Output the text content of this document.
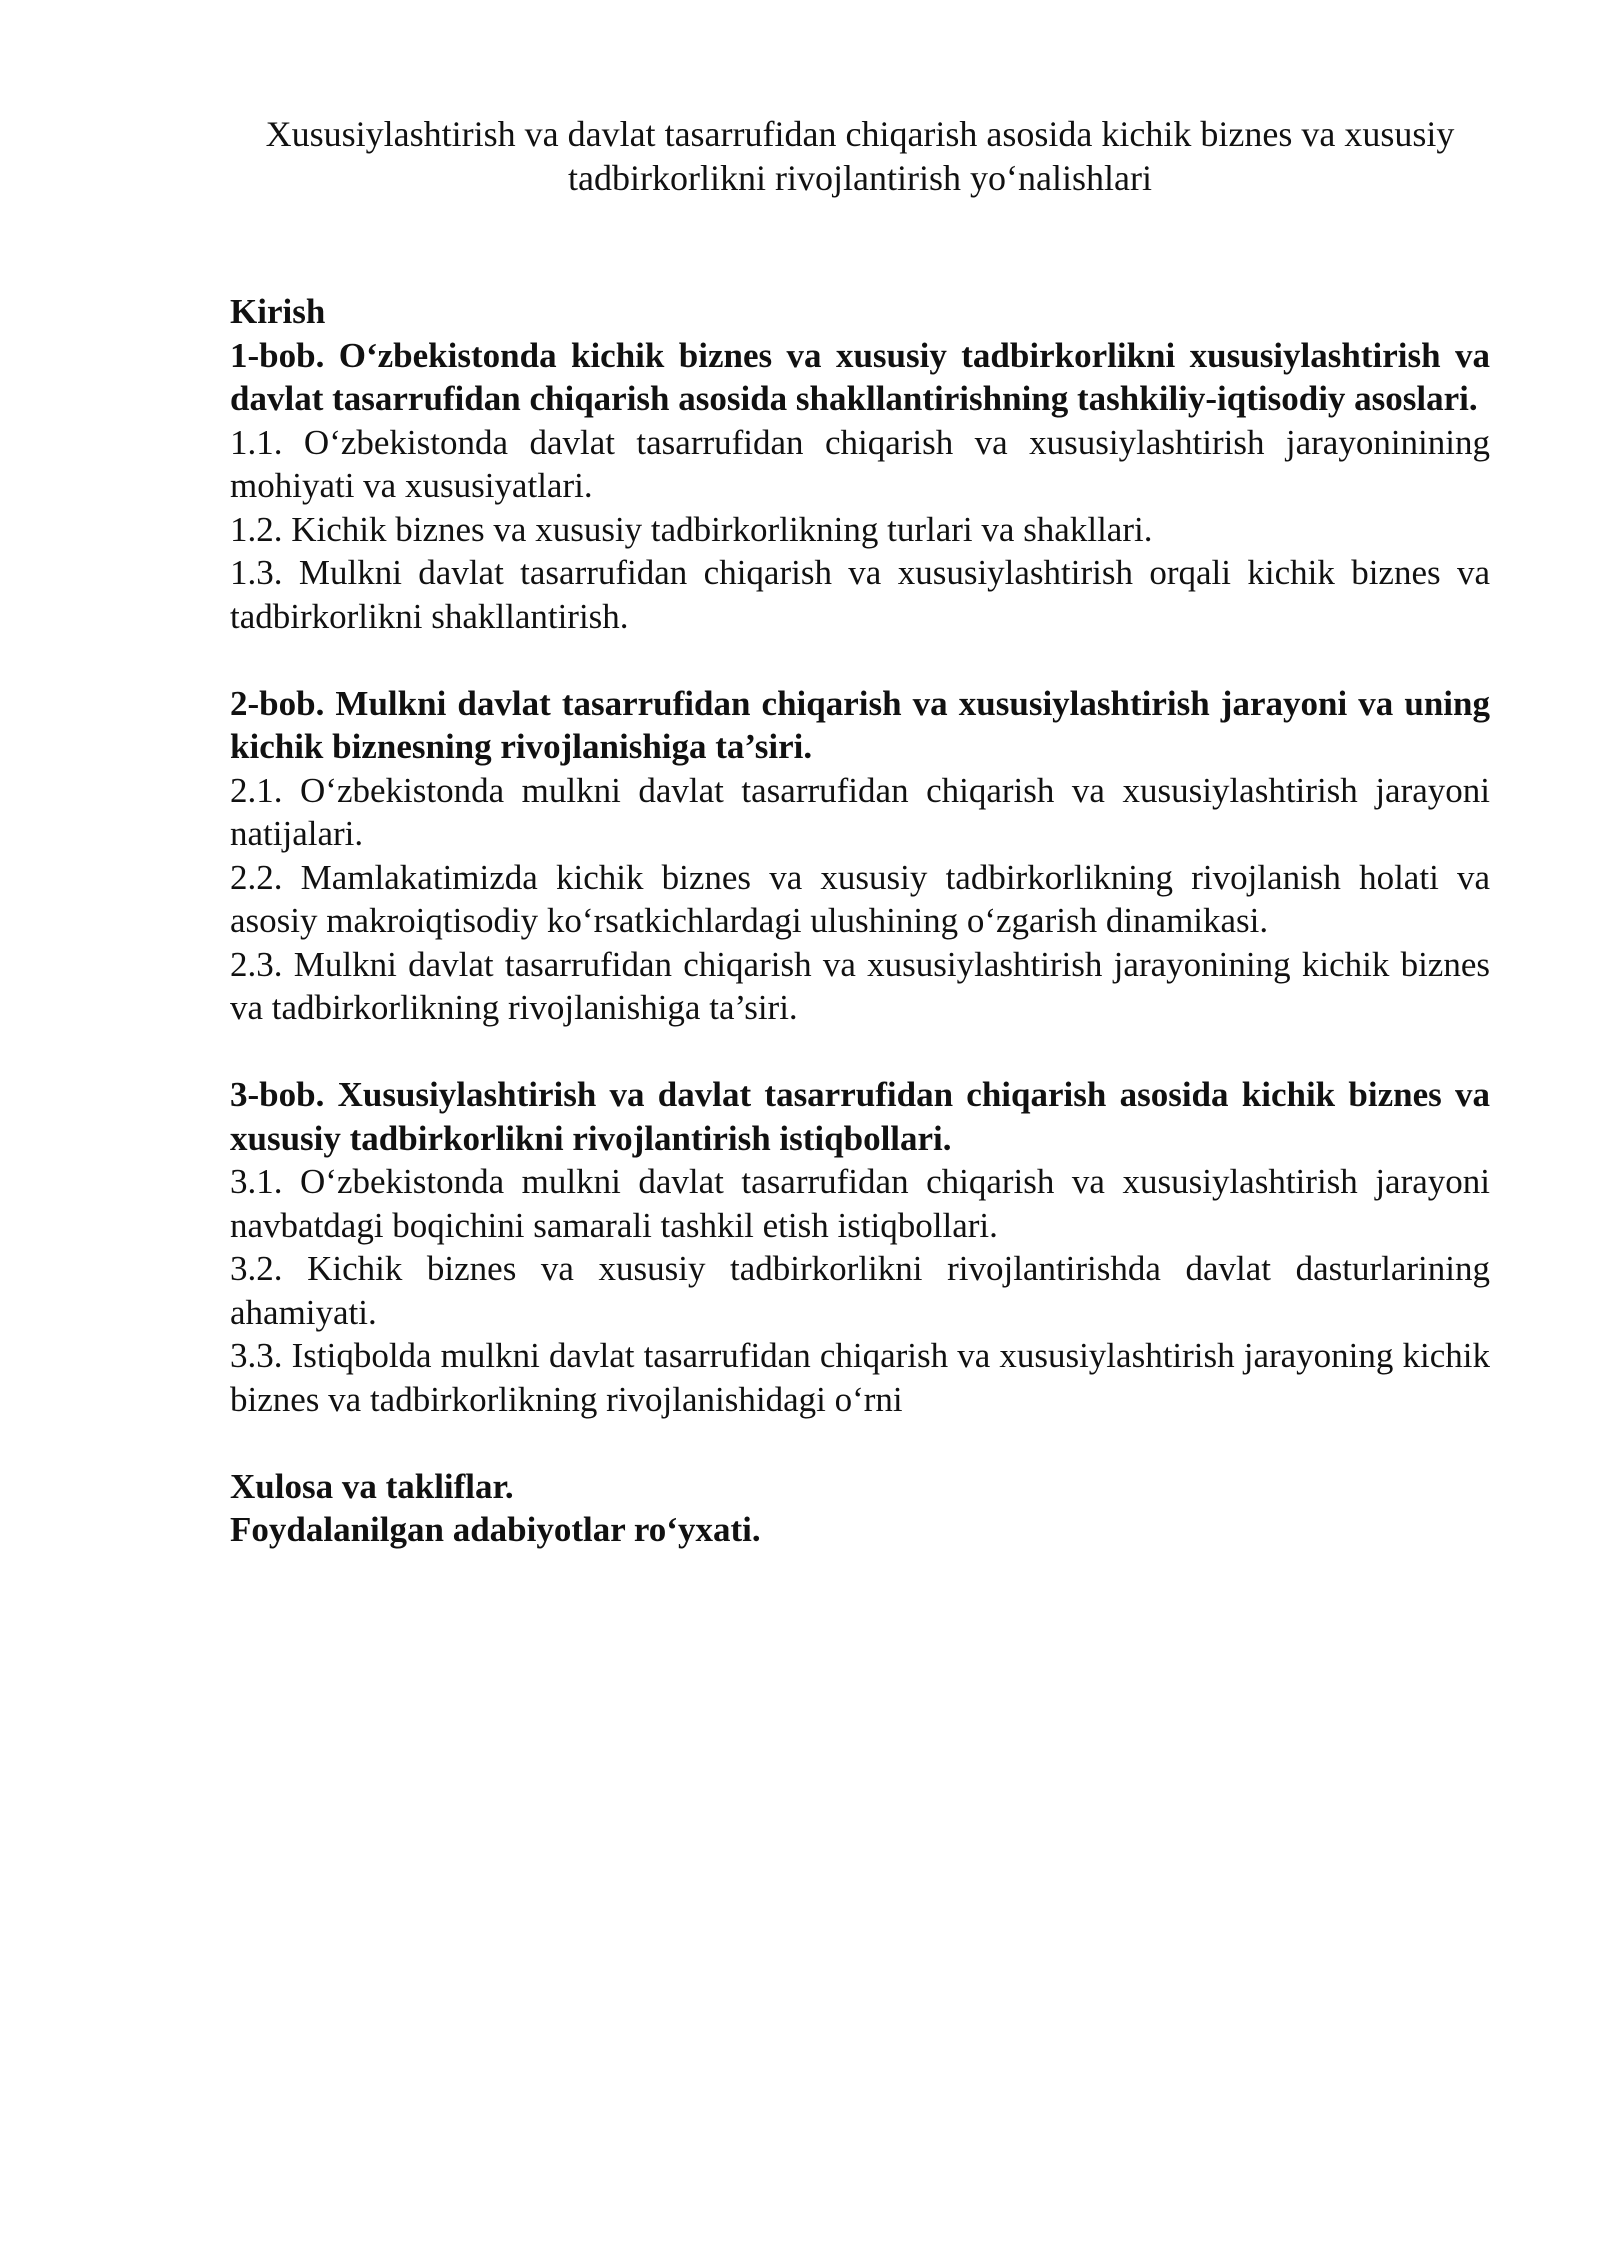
Xususiylashtirish va davlat tasarrufidan chiqarish asosida kichik biznes va xususiy
tadbirkorlikni rivojlantirish yo‘nalishlari

Kirish

1-bob. O‘zbekistonda kichik biznes va xususiy tadbirkorlikni xususiylashtirish va davlat tasarrufidan chiqarish asosida shakllantirishning tashkiliy-iqtisodiy asoslari.

1.1. O‘zbekistonda davlat tasarrufidan chiqarish va xususiylashtirish jarayoninining mohiyati va xususiyatlari.

1.2. Kichik biznes va xususiy tadbirkorlikning turlari va shakllari.

1.3. Mulkni davlat tasarrufidan chiqarish va xususiylashtirish orqali kichik biznes va tadbirkorlikni shakllantirish.

2-bob. Mulkni davlat tasarrufidan chiqarish va xususiylashtirish jarayoni va uning kichik biznesning rivojlanishiga ta’siri.

2.1. O‘zbekistonda mulkni davlat tasarrufidan chiqarish va xususiylashtirish jarayoni natijalari.

2.2. Mamlakatimizda kichik biznes va xususiy tadbirkorlikning rivojlanish holati va asosiy makroiqtisodiy ko‘rsatkichlardagi ulushining o‘zgarish dinamikasi.

2.3. Mulkni davlat tasarrufidan chiqarish va xususiylashtirish jarayonining kichik biznes va tadbirkorlikning rivojlanishiga ta’siri.

3-bob. Xususiylashtirish va davlat tasarrufidan chiqarish asosida kichik biznes va xususiy tadbirkorlikni rivojlantirish istiqbollari.

3.1. O‘zbekistonda mulkni davlat tasarrufidan chiqarish va xususiylashtirish jarayoni navbatdagi boqichini samarali tashkil etish istiqbollari.

3.2. Kichik biznes va xususiy tadbirkorlikni rivojlantirishda davlat dasturlarining ahamiyati.

3.3. Istiqbolda mulkni davlat tasarrufidan chiqarish va xususiylashtirish jarayoning kichik biznes va tadbirkorlikning rivojlanishidagi o‘rni

Xulosa va takliflar.

Foydalanilgan adabiyotlar ro‘yxati.
